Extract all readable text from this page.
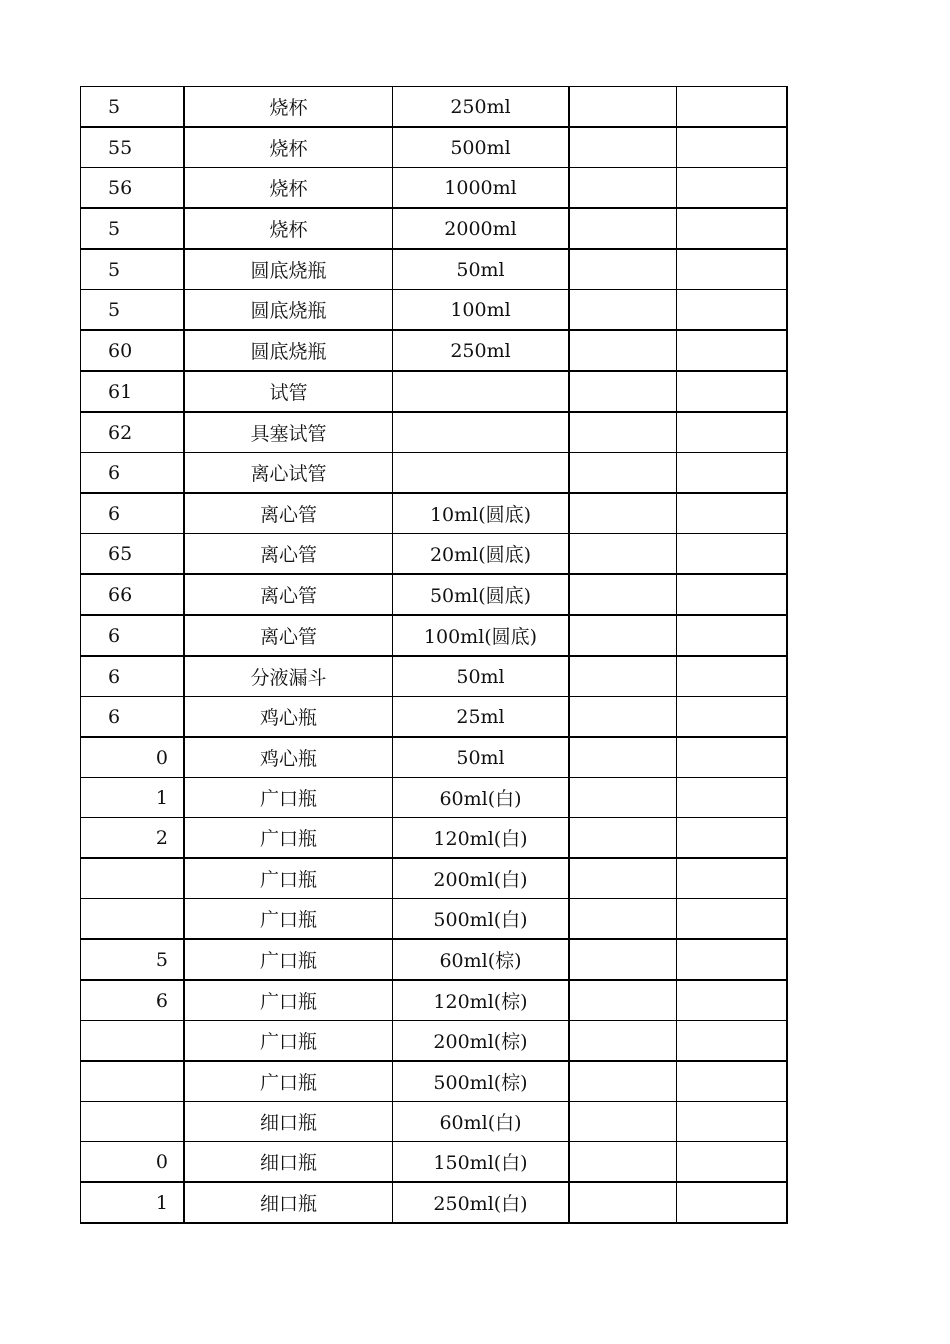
5	烧杯	250ml		
55	烧杯	500ml		
56	烧杯	1000ml		
5	烧杯	2000ml		
5	圆底烧瓶	50ml		
5	圆底烧瓶	100ml		
60	圆底烧瓶	250ml		
61	试管			
62	具塞试管			
6	离心试管			
6	离心管	10ml(圆底)		
65	离心管	20ml(圆底)		
66	离心管	50ml(圆底)		
6	离心管	100ml(圆底)		
6	分液漏斗	50ml		
6	鸡心瓶	25ml		
0	鸡心瓶	50ml		
1	广口瓶	60ml(白)		
2	广口瓶	120ml(白)		
	广口瓶	200ml(白)		
	广口瓶	500ml(白)		
5	广口瓶	60ml(棕)		
6	广口瓶	120ml(棕)		
	广口瓶	200ml(棕)		
	广口瓶	500ml(棕)		
	细口瓶	60ml(白)		
0	细口瓶	150ml(白)		
1	细口瓶	250ml(白)		
